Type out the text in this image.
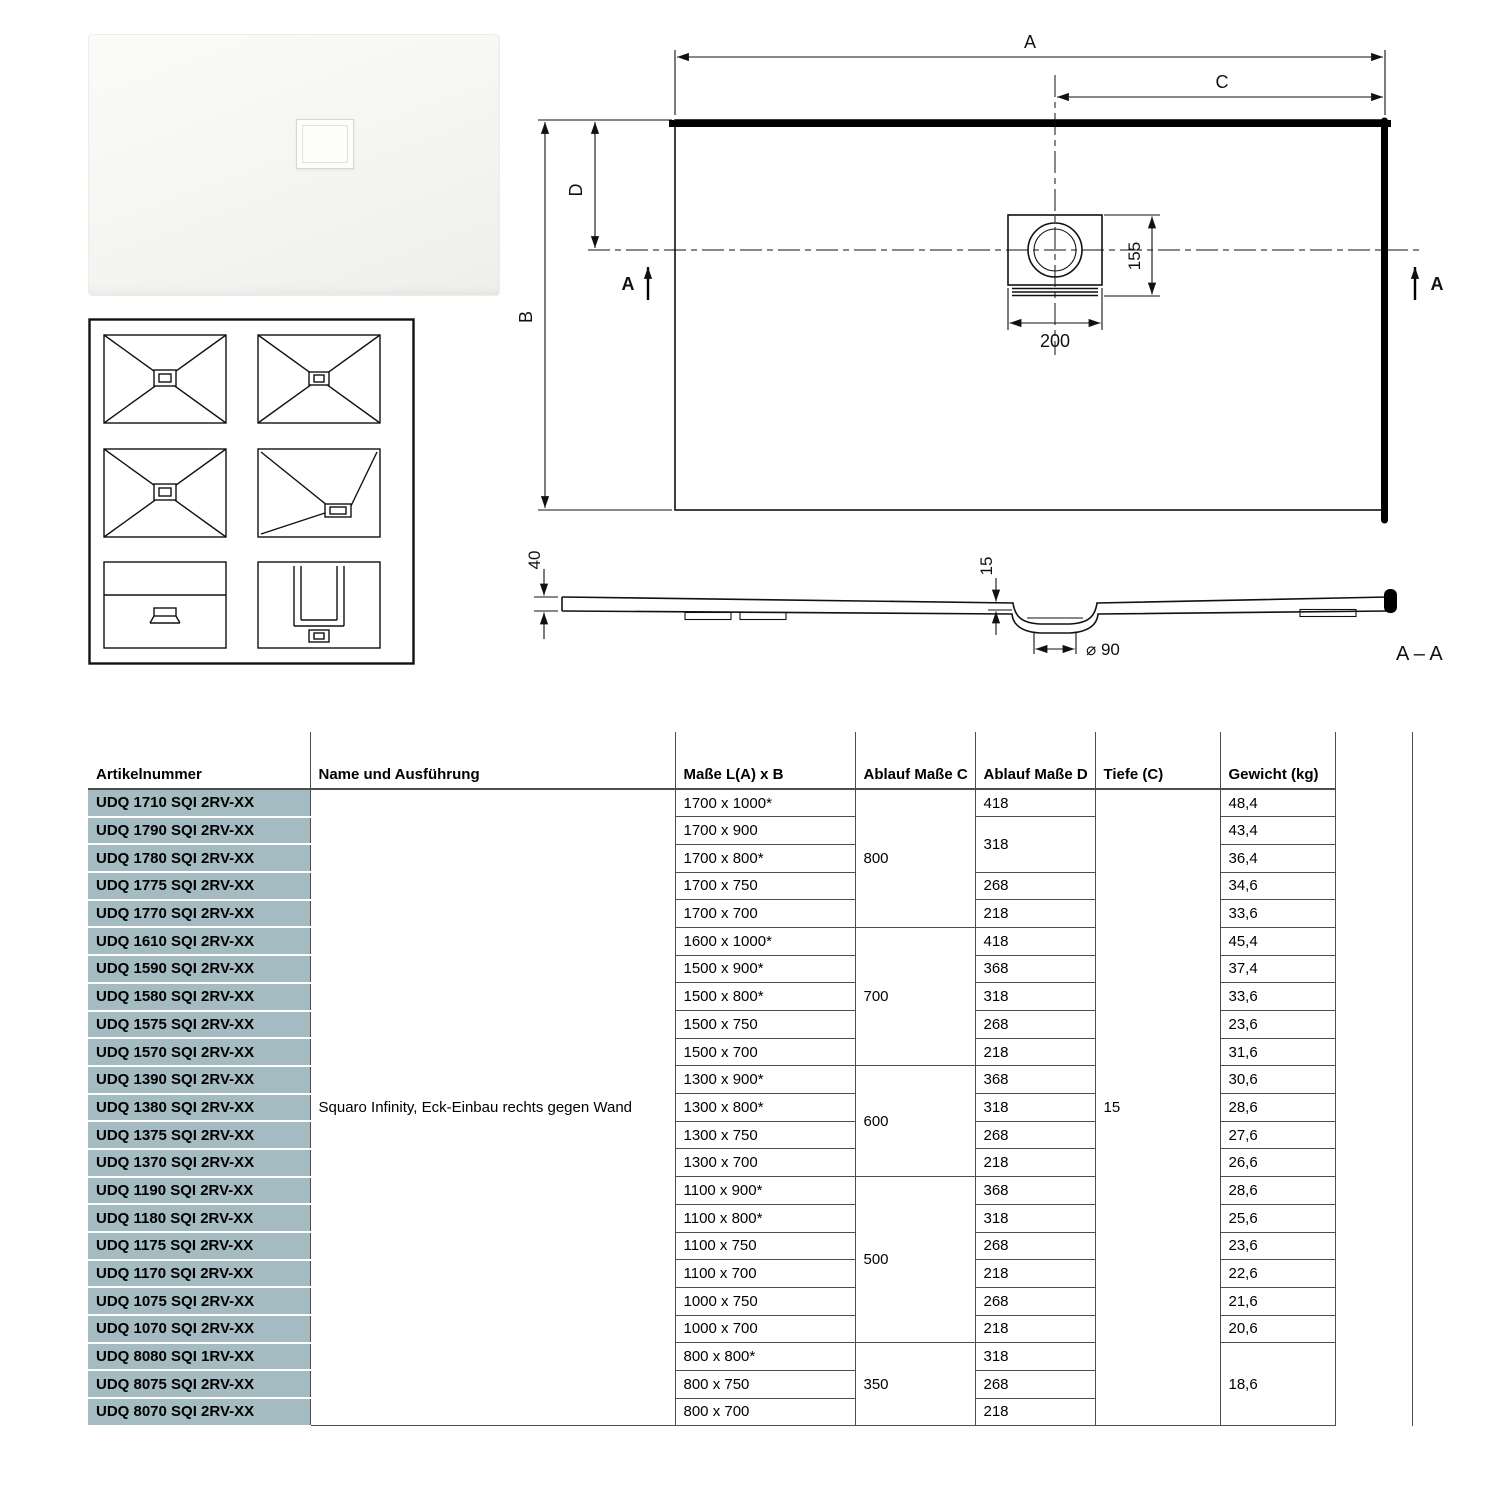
A
C
D
B
155
200
A	A
40	15
⌀ 90	A – A
Artikelnummer	Name und Ausführung	Maße L(A) x B	Ablauf Maße C	Ablauf Maße D	Tiefe (C)	Gewicht (kg)	
UDQ 1710 SQI 2RV-XX	Squaro Infinity, Eck-Einbau rechts gegen Wand	1700 x 1000*	800	418	15	48,4	
UDQ 1790 SQI 2RV-XX		1700 x 900		318		43,4	
UDQ 1780 SQI 2RV-XX		1700 x 800*				36,4	
UDQ 1775 SQI 2RV-XX		1700 x 750		268		34,6	
UDQ 1770 SQI 2RV-XX		1700 x 700		218		33,6	
UDQ 1610 SQI 2RV-XX		1600 x 1000*	700	418		45,4	
UDQ 1590 SQI 2RV-XX		1500 x 900*		368		37,4	
UDQ 1580 SQI 2RV-XX		1500 x 800*		318		33,6	
UDQ 1575 SQI 2RV-XX		1500 x 750		268		23,6	
UDQ 1570 SQI 2RV-XX		1500 x 700		218		31,6	
UDQ 1390 SQI 2RV-XX		1300 x 900*	600	368		30,6	
UDQ 1380 SQI 2RV-XX		1300 x 800*		318		28,6	
UDQ 1375 SQI 2RV-XX		1300 x 750		268		27,6	
UDQ 1370 SQI 2RV-XX		1300 x 700		218		26,6	
UDQ 1190 SQI 2RV-XX		1100 x 900*	500	368		28,6	
UDQ 1180 SQI 2RV-XX		1100 x 800*		318		25,6	
UDQ 1175 SQI 2RV-XX		1100 x 750		268		23,6	
UDQ 1170 SQI 2RV-XX		1100 x 700		218		22,6	
UDQ 1075 SQI 2RV-XX		1000 x 750		268		21,6	
UDQ 1070 SQI 2RV-XX		1000 x 700		218		20,6	
UDQ 8080 SQI 1RV-XX		800 x 800*	350	318		18,6	
UDQ 8075 SQI 2RV-XX		800 x 750		268			
UDQ 8070 SQI 2RV-XX		800 x 700		218			
